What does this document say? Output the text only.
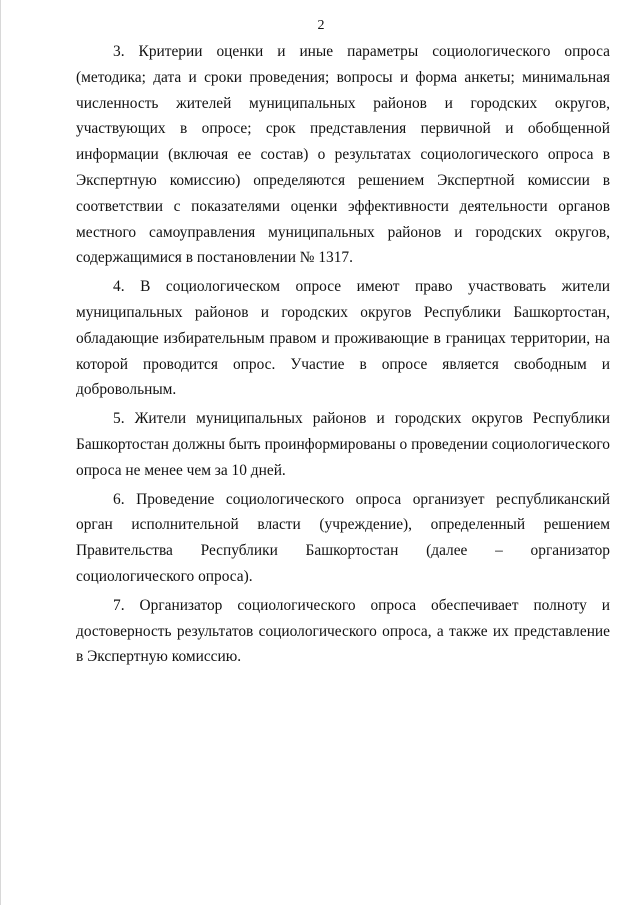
2

3. Критерии оценки и иные параметры социологического опроса (методика; дата и сроки проведения; вопросы и форма анкеты; минимальная численность жителей муниципальных районов и городских округов, участвующих в опросе; срок представления первичной и обобщенной информации (включая ее состав) о результатах социологического опроса в Экспертную комиссию) определяются решением Экспертной комиссии в соответствии с показателями оценки эффективности деятельности органов местного самоуправления муниципальных районов и городских округов, содержащимися в постановлении № 1317.

4. В социологическом опросе имеют право участвовать жители муниципальных районов и городских округов Республики Башкортостан, обладающие избирательным правом и проживающие в границах территории, на которой проводится опрос. Участие в опросе является свободным и добровольным.

5. Жители муниципальных районов и городских округов Республики Башкортостан должны быть проинформированы о проведении социологического опроса не менее чем за 10 дней.

6. Проведение социологического опроса организует республиканский орган исполнительной власти (учреждение), определенный решением Правительства Республики Башкортостан (далее – организатор социологического опроса).

7. Организатор социологического опроса обеспечивает полноту и достоверность результатов социологического опроса, а также их представление в Экспертную комиссию.
